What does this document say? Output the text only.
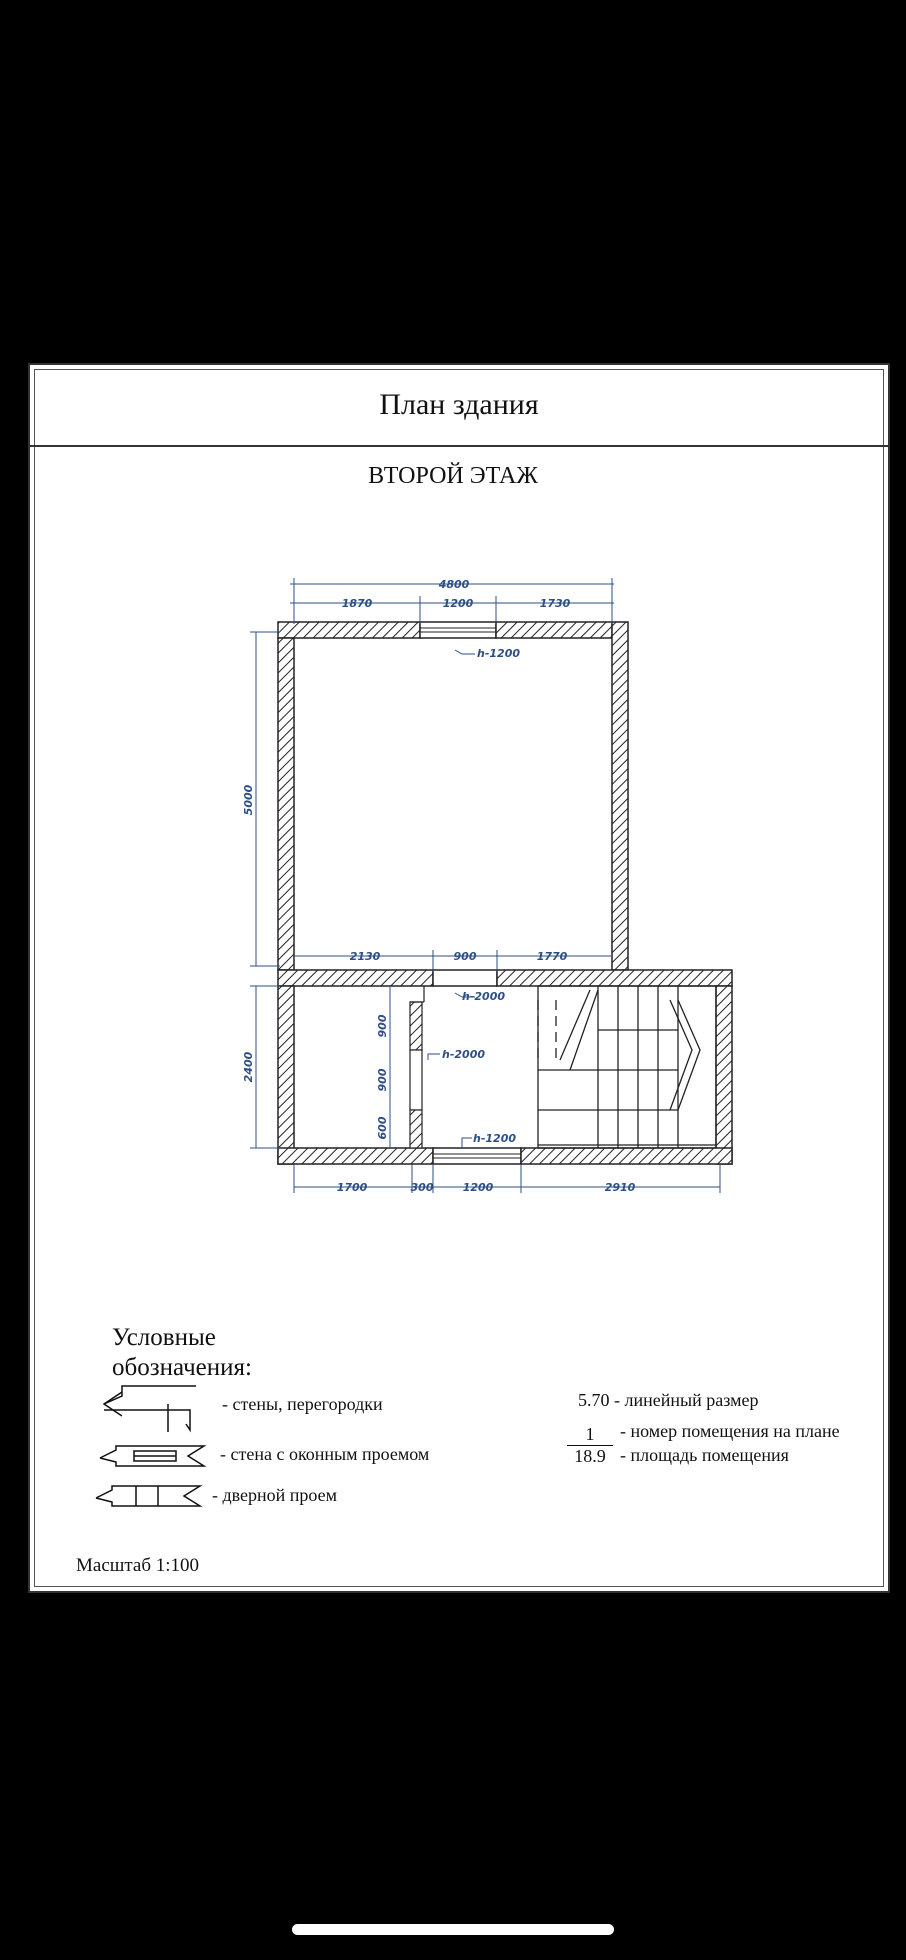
План здания
ВТОРОЙ ЭТАЖ
4800
1870	1200	1730
h-1200
5000
2400
2130	900	1770
h-2000
h-2000
h-1200
900
900
600
1700	300	1200	2910
Условные
обозначения:
- стены, перегородки
- стена с оконным проемом
- дверной проем
5.70 - линейный размер
$\frac{1}{18.9}$ - номер помещения на плане
- площадь помещения
Масштаб 1:100
